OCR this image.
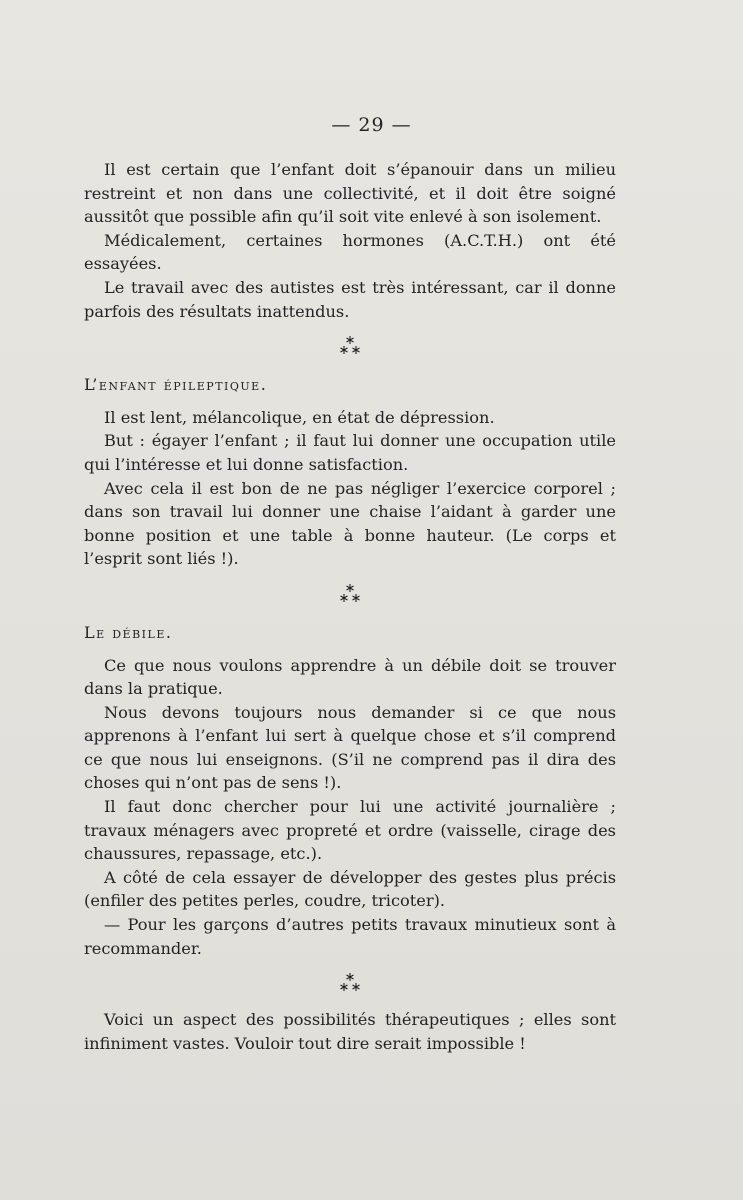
— 29 —

Il est certain que l’enfant doit s’épanouir dans un milieu restreint et non dans une collectivité, et il doit être soigné aussitôt que possible afin qu’il soit vite enlevé à son isolement.

Médicalement, certaines hormones (A.C.T.H.) ont été essayées.

Le travail avec des autistes est très intéressant, car il donne parfois des résultats inattendus.

L’enfant épileptique.

Il est lent, mélancolique, en état de dépression.

But : égayer l’enfant ; il faut lui donner une occupation utile qui l’intéresse et lui donne satisfaction.

Avec cela il est bon de ne pas négliger l’exercice corporel ; dans son travail lui donner une chaise l’aidant à garder une bonne position et une table à bonne hauteur. (Le corps et l’esprit sont liés !).

Le débile.

Ce que nous voulons apprendre à un débile doit se trouver dans la pratique.

Nous devons toujours nous demander si ce que nous apprenons à l’enfant lui sert à quelque chose et s’il comprend ce que nous lui enseignons. (S’il ne comprend pas il dira des choses qui n’ont pas de sens !).

Il faut donc chercher pour lui une activité journalière ; travaux ménagers avec propreté et ordre (vaisselle, cirage des chaussures, repassage, etc.).

A côté de cela essayer de développer des gestes plus précis (enfiler des petites perles, coudre, tricoter).

— Pour les garçons d’autres petits travaux minutieux sont à recommander.

Voici un aspect des possibilités thérapeutiques ; elles sont infiniment vastes. Vouloir tout dire serait impossible !
